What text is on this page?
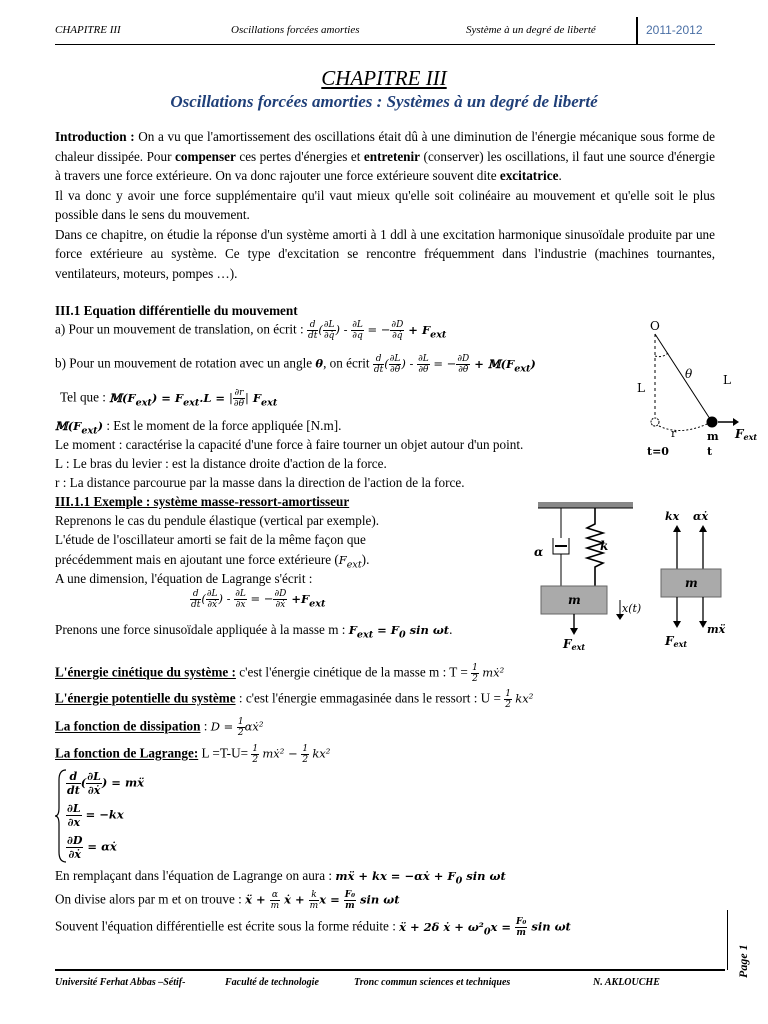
CHAPITRE III	Oscillations forcées amorties	Système à un degré de liberté	2011-2012
CHAPITRE III
Oscillations forcées amorties : Systèmes à un degré de liberté

Introduction : On a vu que l'amortissement des oscillations était dû à une diminution de l'énergie mécanique sous forme de chaleur dissipée. Pour compenser ces pertes d'énergies et entretenir (conserver) les oscillations, il faut une source d'énergie à travers une force extérieure. On va donc rajouter une force extérieure souvent dite excitatrice.

Il va donc y avoir une force supplémentaire qu'il vaut mieux qu'elle soit colinéaire au mouvement et qu'elle soit le plus possible dans le sens du mouvement.

Dans ce chapitre, on étudie la réponse d'un système amorti à 1 ddl à une excitation harmonique sinusoïdale produite par une force extérieure au système. Ce type d'excitation se rencontre fréquemment dans l'industrie (machines tournantes, ventilateurs, moteurs, pompes …).

III.1 Equation différentielle du mouvement
a) Pour un mouvement de translation, on écrit : $\frac{d}{dt}$ ( $\frac{\partial L}{\partial q̇}$ ) - $\frac{\partial L}{\partial q}$ = − $\frac{\partial D}{\partial q̇} + F_{ext}$
b) Pour un mouvement de rotation avec un angle θ, on écrit $\frac{d}{dt}$ ( $\frac{\partial L}{\partial\thetȧ}$ ) - $\frac{\partial L}{\partial\theta}$ = − $\frac{\partial D}{\partial\thetȧ}$ + $𝕄(F_{ext})$
Tel que : $𝕄(F_{ext}) = F_{ext}.L$ = | $\frac{\partial r}{\partial\theta}$ | $F_{ext}$
$𝕄(F_{ext})$ : Est le moment de la force appliquée [N.m].
Le moment : caractérise la capacité d'une force à faire tourner un objet autour d'un point.
L : Le bras du levier : est la distance droite d'action de la force.
r : La distance parcourue par la masse dans la direction de l'action de la force.
O
θ
L
L
r	m
t
t=0
Fext
III.1.1 Exemple : système masse-ressort-amortisseur
Reprenons le cas du pendule élastique (vertical par exemple).
L'étude de l'oscillateur amorti se fait de la même façon que
précédemment mais en ajoutant une force extérieure $(F_{ext})$.
A une dimension, l'équation de Lagrange s'écrit :
$\frac{d}{dt}$ ( $\frac{\partial L}{\text{∂ẋ}}$ ) - $\frac{\partial L}{\partial x}$ = − $\frac{\partial D}{\text{∂ẋ}} +F_{ext}$
Prenons une force sinusoïdale appliquée à la masse m : $F_{ext} = F_0$ sin ωt.
α	k
m
x(t)
Fext
kx αẋ
m
mẍ
Fext
L'énergie cinétique du système : c'est l'énergie cinétique de la masse m : $T = \frac{1}{2}$ mẋ²
L'énergie potentielle du système : c'est l'énergie emmagasinée dans le ressort : $U = \frac{1}{2} kx^2$
La fonction de dissipation : $D = \frac{1}{2}$ αẋ²
La fonction de Lagrange: $L =T-U= \frac{1}{2}$ mẋ² − $\frac{1}{2} kx^2$
$\frac{d}{dt}$ ( $\frac{\partial L}{\text{∂ẋ}}$ ) = mẍ
$\frac{\partial L}{\partial x} = -kx$
$\frac{\partial D}{\text{∂ẋ}}$ = αẋ
En remplaçant dans l'équation de Lagrange on aura : mẍ + kx = −αẋ + $F_0$ sin ωt
On divise alors par m et on trouve : ẍ + $\frac{\alpha}{m}$ ẋ + $\frac{k}{m}$ $x = \frac{\text{F₀}}{m}$ sin ωt
Souvent l'équation différentielle est écrite sous la forme réduite : ẍ + 2δ ẋ + $\omega^2_0x = \frac{\text{F₀}}{m}$ sin ωt
Page 1
Université Ferhat Abbas –Sétif-	Faculté de technologie	Tronc commun sciences et techniques	N. AKLOUCHE
